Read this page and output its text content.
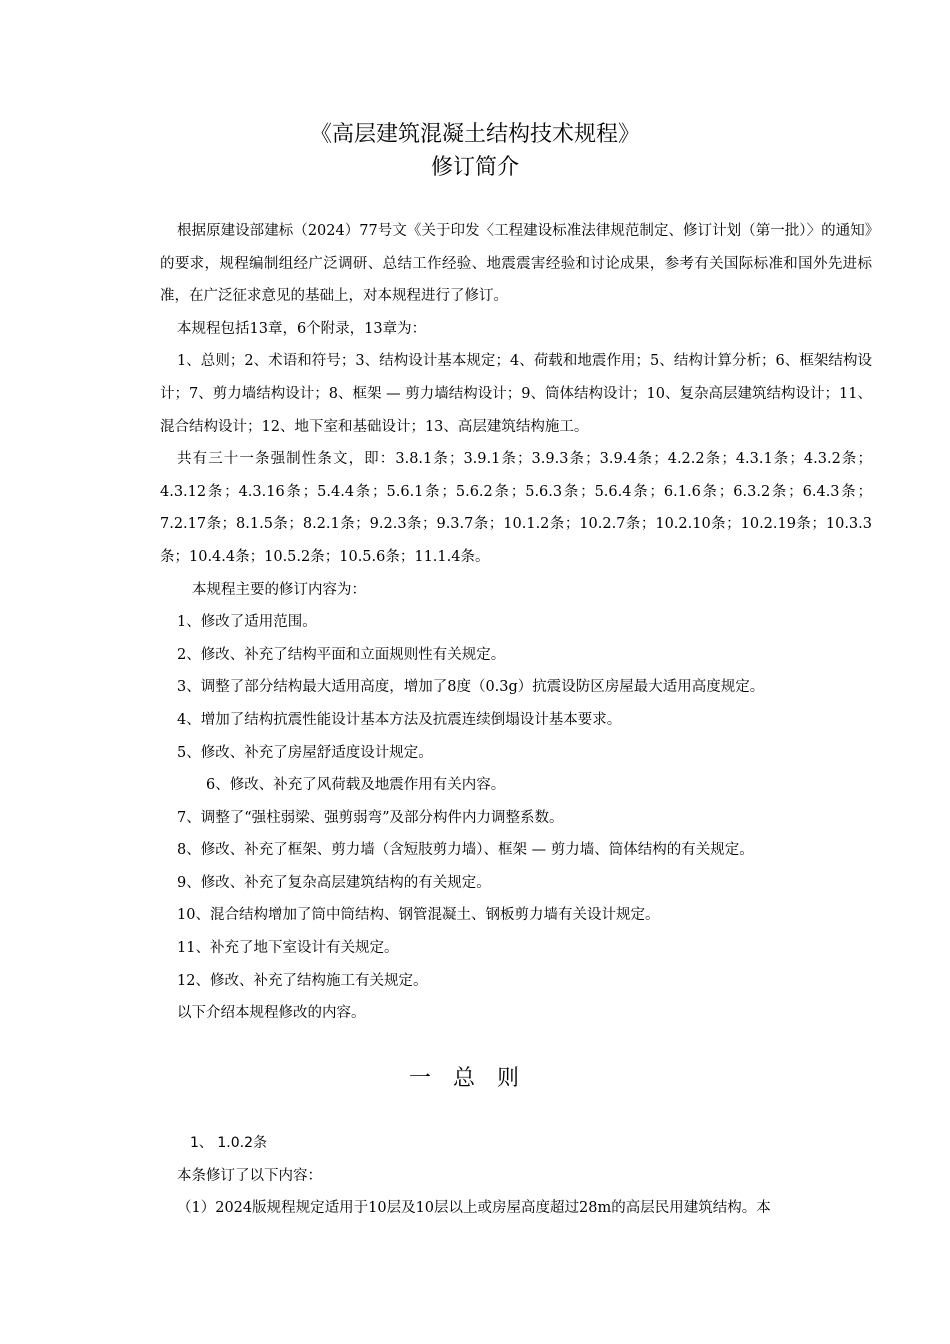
《高层建筑混凝土结构技术规程》
修订简介

根据原建设部建标（2024）77号文《关于印发〈工程建设标准法律规范制定、修订计划（第一批）〉的通知》的要求，规程编制组经广泛调研、总结工作经验、地震震害经验和讨论成果，参考有关国际标准和国外先进标准，在广泛征求意见的基础上，对本规程进行了修订。

本规程包括13章，6个附录，13章为：

1、总则；2、术语和符号；3、结构设计基本规定；4、荷载和地震作用；5、结构计算分析；6、框架结构设计；7、剪力墙结构设计；8、框架 — 剪力墙结构设计；9、筒体结构设计；10、复杂高层建筑结构设计；11、混合结构设计；12、地下室和基础设计；13、高层建筑结构施工。

共有三十一条强制性条文，即：3.8.1条；3.9.1条；3.9.3条；3.9.4条；4.2.2条；4.3.1条；4.3.2条；4.3.12条；4.3.16条；5.4.4条；5.6.1条；5.6.2条；5.6.3条；5.6.4条；6.1.6条；6.3.2条；6.4.3条；7.2.17条；8.1.5条；8.2.1条；9.2.3条；9.3.7条；10.1.2条；10.2.7条；10.2.10条；10.2.19条；10.3.3条；10.4.4条；10.5.2条；10.5.6条；11.1.4条。

本规程主要的修订内容为：

1、修改了适用范围。

2、修改、补充了结构平面和立面规则性有关规定。

3、调整了部分结构最大适用高度，增加了8度（0.3g）抗震设防区房屋最大适用高度规定。

4、增加了结构抗震性能设计基本方法及抗震连续倒塌设计基本要求。

5、修改、补充了房屋舒适度设计规定。

6、修改、补充了风荷载及地震作用有关内容。

7、调整了“强柱弱梁、强剪弱弯”及部分构件内力调整系数。

8、修改、补充了框架、剪力墙（含短肢剪力墙）、框架 — 剪力墙、筒体结构的有关规定。

9、修改、补充了复杂高层建筑结构的有关规定。

10、混合结构增加了筒中筒结构、钢管混凝土、钢板剪力墙有关设计规定。

11、补充了地下室设计有关规定。

12、修改、补充了结构施工有关规定。

以下介绍本规程修改的内容。

一总则

1、 1.0.2条

本条修订了以下内容：

（1）2024版规程规定适用于10层及10层以上或房屋高度超过28m的高层民用建筑结构。本
